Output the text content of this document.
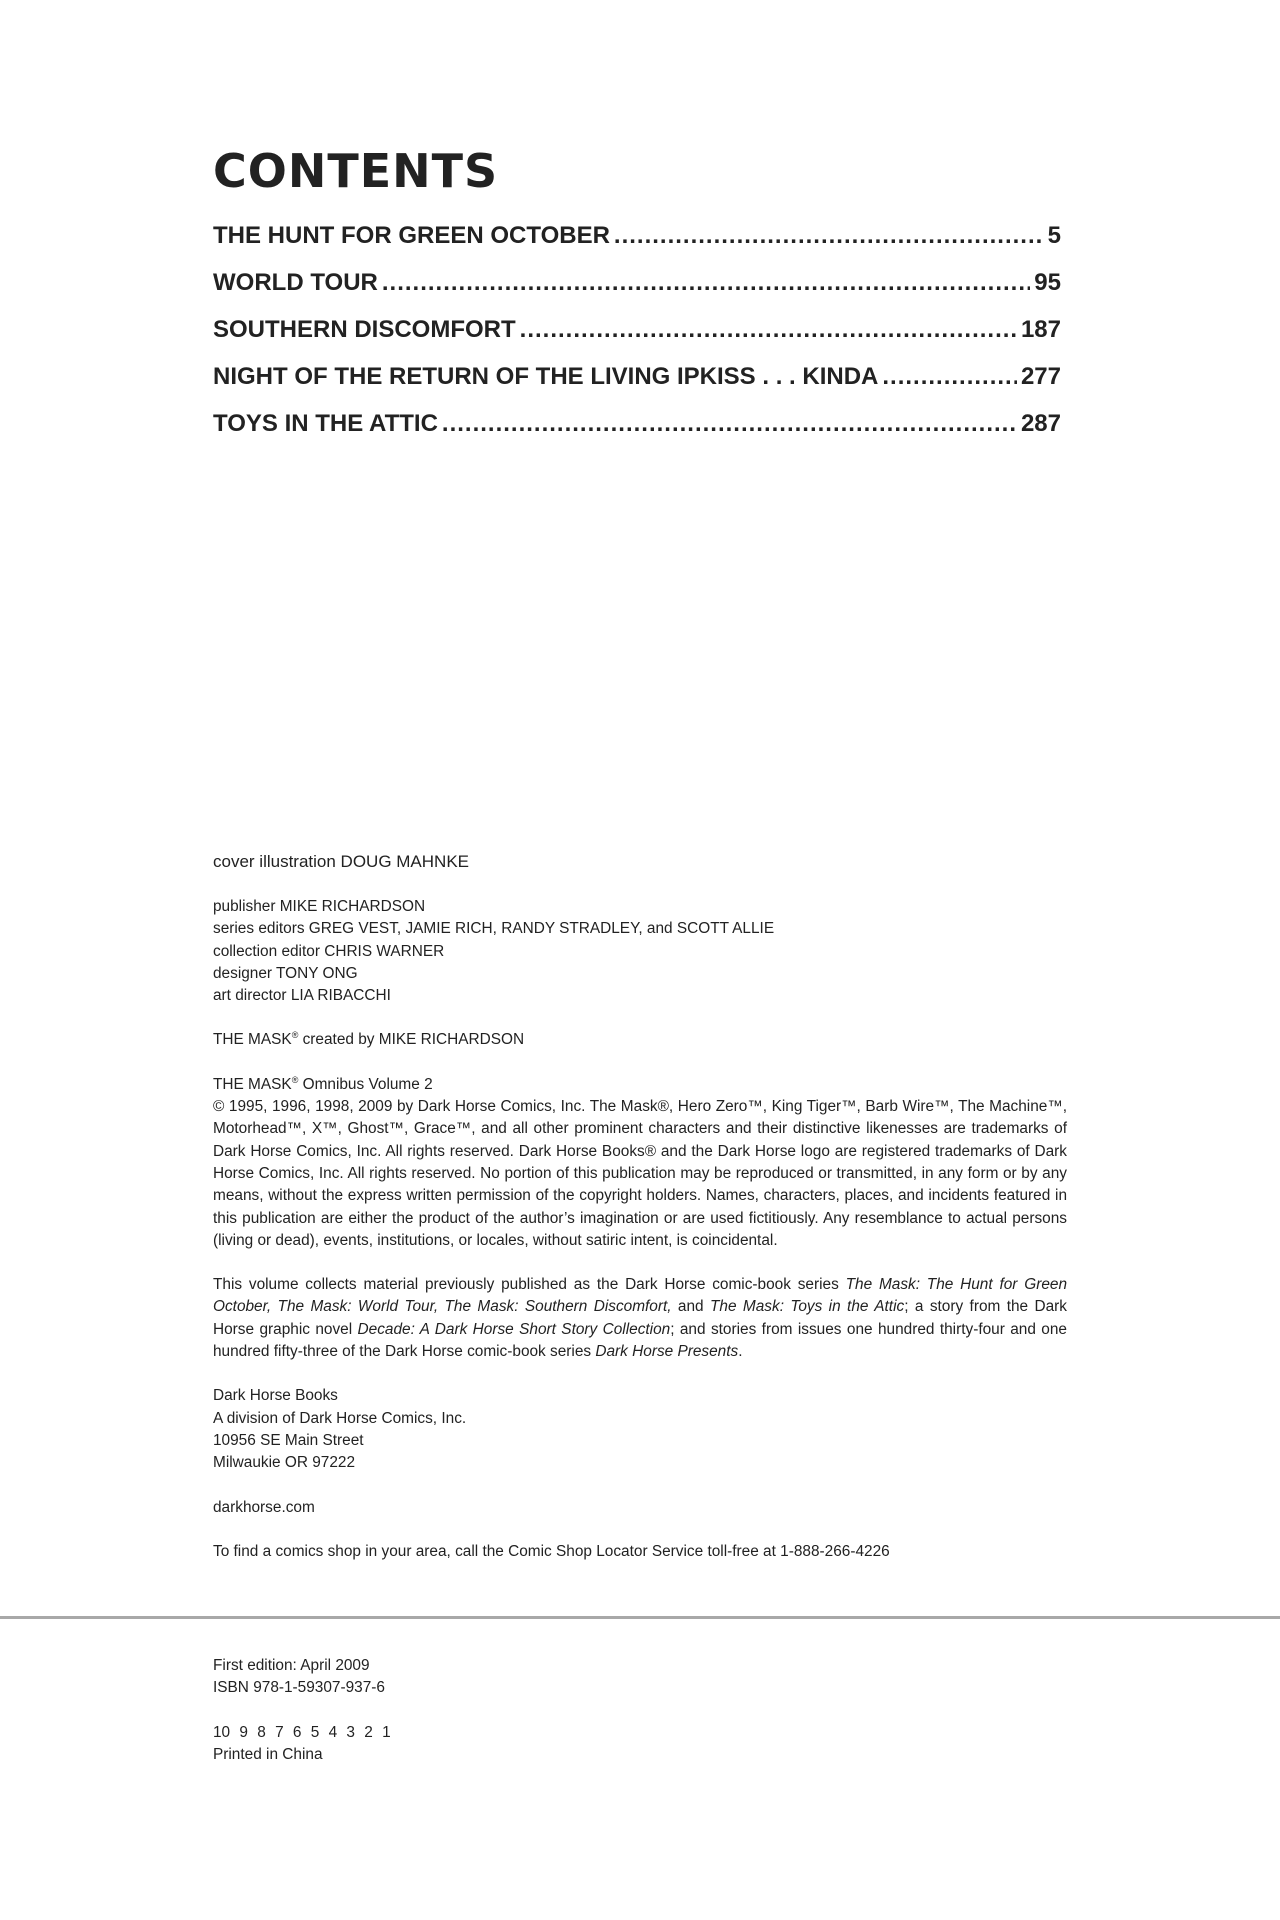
CONTENTS
THE HUNT FOR GREEN OCTOBER .....	5
WORLD TOUR .....	95
SOUTHERN DISCOMFORT .....	187
NIGHT OF THE RETURN OF THE LIVING IPKISS . . . KINDA .....	277
TOYS IN THE ATTIC .....	287

cover illustration DOUG MAHNKE

publisher MIKE RICHARDSON

series editors GREG VEST, JAMIE RICH, RANDY STRADLEY, and SCOTT ALLIE

collection editor CHRIS WARNER

designer TONY ONG

art director LIA RIBACCHI

THE MASK® created by MIKE RICHARDSON

THE MASK® Omnibus Volume 2

© 1995, 1996, 1998, 2009 by Dark Horse Comics, Inc. The Mask®, Hero Zero™, King Tiger™, Barb Wire™, The Machine™, Motorhead™, X™, Ghost™, Grace™, and all other prominent characters and their distinctive likenesses are trademarks of Dark Horse Comics, Inc. All rights reserved. Dark Horse Books® and the Dark Horse logo are registered trademarks of Dark Horse Comics, Inc. All rights reserved. No portion of this publication may be reproduced or transmitted, in any form or by any means, without the express written permission of the copyright holders. Names, characters, places, and incidents featured in this publication are either the product of the author’s imagination or are used fictitiously. Any resemblance to actual persons (living or dead), events, institutions, or locales, without satiric intent, is coincidental.

This volume collects material previously published as the Dark Horse comic-book series The Mask: The Hunt for Green October, The Mask: World Tour, The Mask: Southern Discomfort, and The Mask: Toys in the Attic; a story from the Dark Horse graphic novel Decade: A Dark Horse Short Story Collection; and stories from issues one hundred thirty-four and one hundred fifty-three of the Dark Horse comic-book series Dark Horse Presents.

Dark Horse Books

A division of Dark Horse Comics, Inc.

10956 SE Main Street

Milwaukie OR 97222

darkhorse.com

To find a comics shop in your area, call the Comic Shop Locator Service toll-free at 1-888-266-4226

First edition: April 2009

ISBN 978-1-59307-937-6

10 9 8 7 6 5 4 3 2 1

Printed in China
